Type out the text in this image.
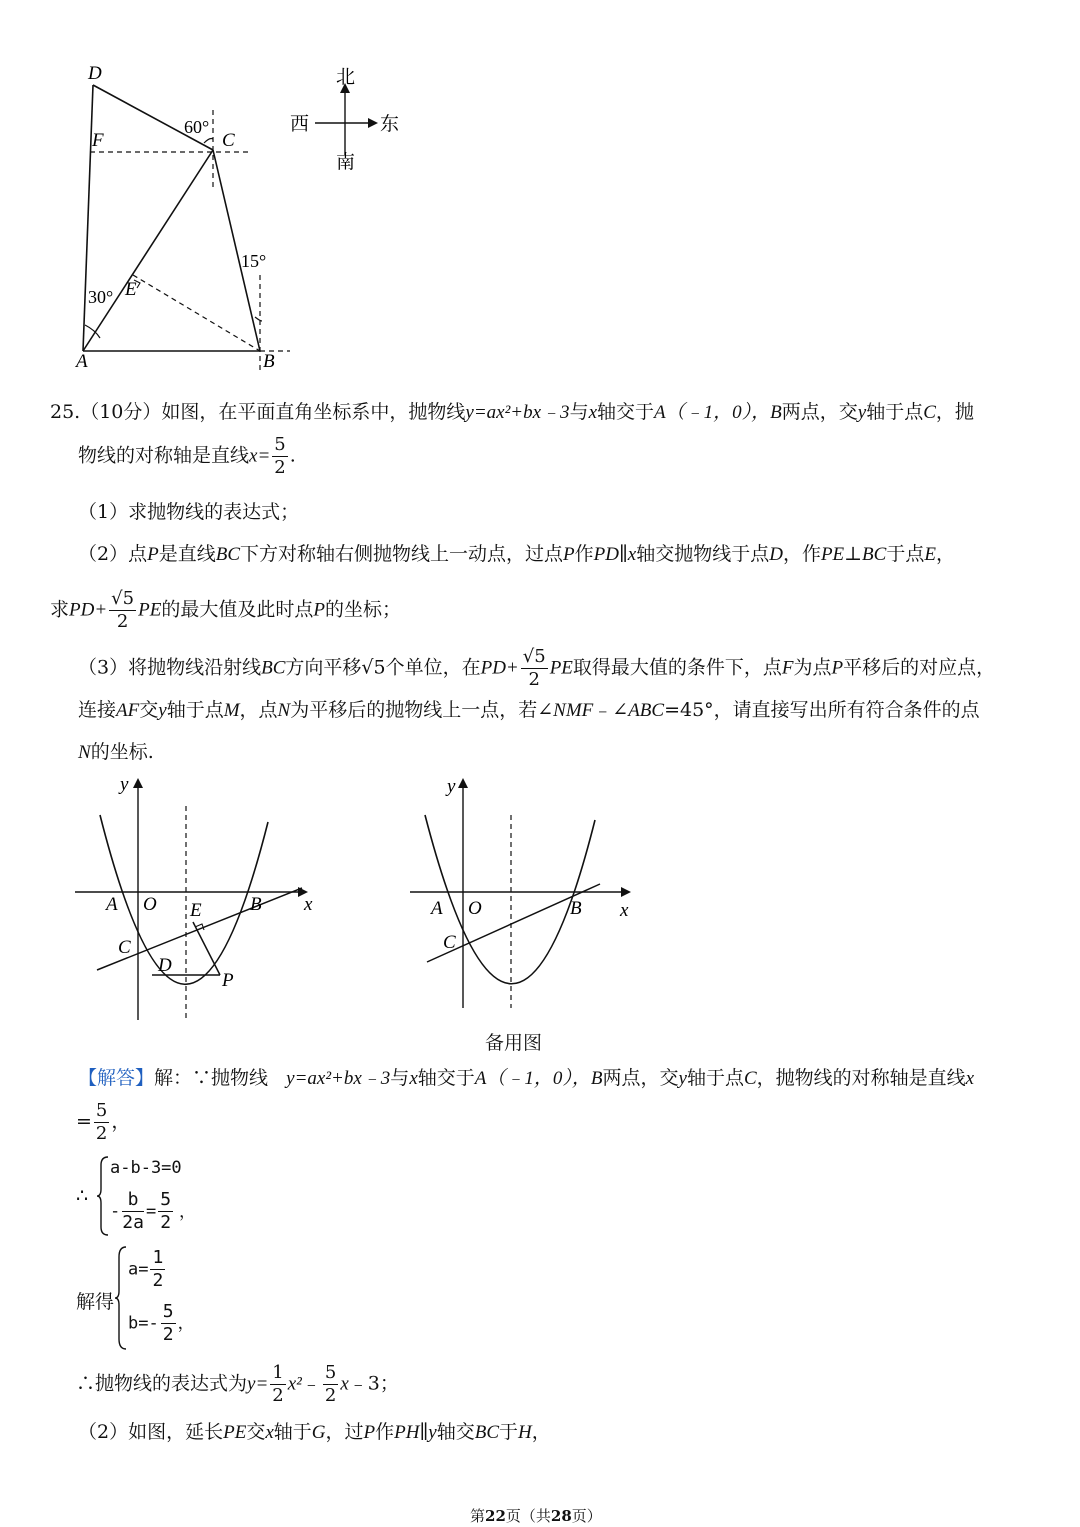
D
F	C
60°
15°
30° E
A	B
北
西	东
南
25.（10分）如图，在平面直角坐标系中，抛物线y=ax²+bx﹣3与x轴交于A（﹣1，0），B两点，交y轴于点C，抛
物线的对称轴是直线$x= \frac{5}{2}$ .
（1）求抛物线的表达式；
（2）点P是直线BC下方对称轴右侧抛物线上一动点，过点P作PD∥x轴交抛物线于点D，作PE⊥BC于点E，
求$PD+ \frac{√5}{2}$ PE的最大值及此时点P的坐标；
（3）将抛物线沿射线BC方向平移√5个单位，在$PD+ \frac{√5}{2}$ PE取得最大值的条件下，点F为点P平移后的对应点，
连接AF交y轴于点M，点N为平移后的抛物线上一点，若∠NMF﹣∠ABC=45°，请直接写出所有符合条件的点
N的坐标.
y
x
A O	B
C
E
D
P
y
x
A O	B
C
备用图
【解答】解：∵抛物线 y=ax²+bx﹣3与x轴交于A（﹣1，0），B两点，交y轴于点C，抛物线的对称轴是直线x
= $\frac{5}{2}$ ，
∴
a-b-3=0
- $\frac{b}{2a} = \frac{5}{2}$ ，
解得
$a= \frac{1}{2}$
$b=- \frac{5}{2}$ ，
∴抛物线的表达式为$y= \frac{1}{2}$ x²﹣ $\frac{5}{2}$ x﹣3；
（2）如图，延长PE交x轴于G，过P作PH∥y轴交BC于H，
第22页（共28页）
